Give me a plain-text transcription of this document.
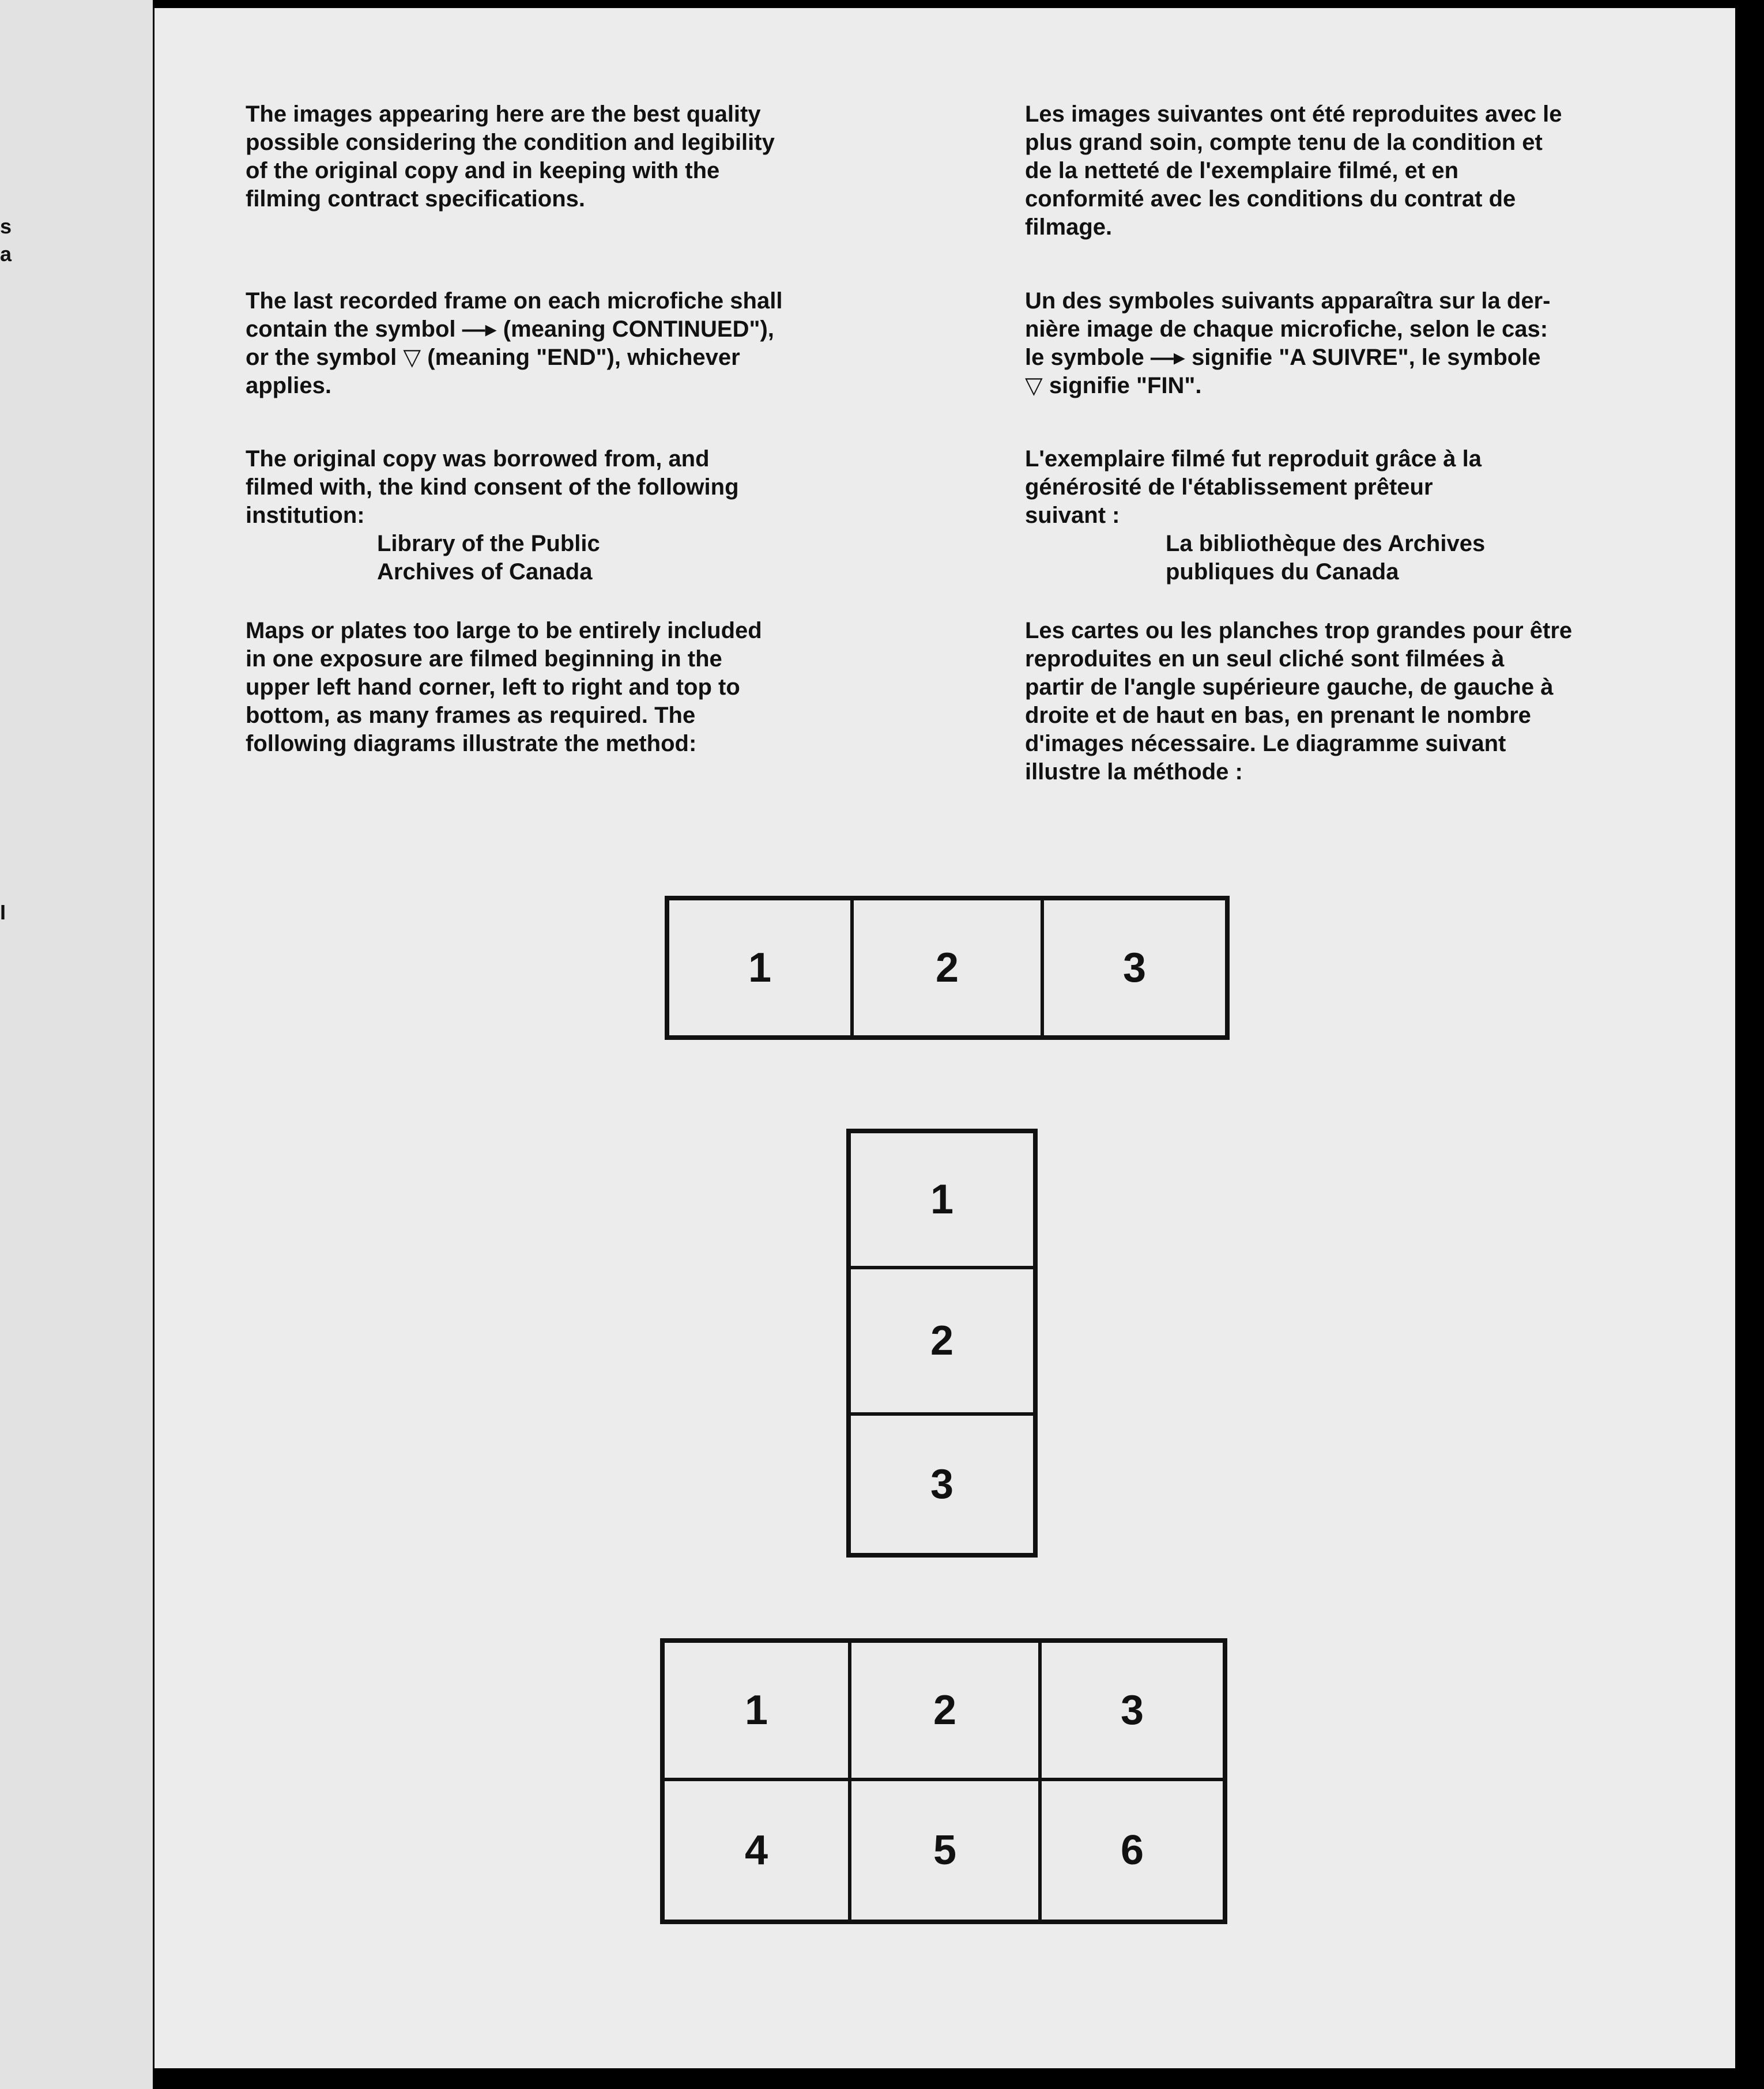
s
a
I

The images appearing here are the best quality
possible considering the condition and legibility
of the original copy and in keeping with the
filming contract specifications.

The last recorded frame on each microfiche shall
contain the symbol —▸ (meaning CONTINUED"),
or the symbol ▽ (meaning "END"), whichever
applies.

The original copy was borrowed from, and
filmed with, the kind consent of the following
institution:

Library of the Public
Archives of Canada

Maps or plates too large to be entirely included
in one exposure are filmed beginning in the
upper left hand corner, left to right and top to
bottom, as many frames as required. The
following diagrams illustrate the method:

Les images suivantes ont été reproduites avec le
plus grand soin, compte tenu de la condition et
de la netteté de l'exemplaire filmé, et en
conformité avec les conditions du contrat de
filmage.

Un des symboles suivants apparaîtra sur la der-
nière image de chaque microfiche, selon le cas:
le symbole —▸ signifie "A SUIVRE", le symbole
▽ signifie "FIN".

L'exemplaire filmé fut reproduit grâce à la
générosité de l'établissement prêteur
suivant :

La bibliothèque des Archives
publiques du Canada

Les cartes ou les planches trop grandes pour être
reproduites en un seul cliché sont filmées à
partir de l'angle supérieure gauche, de gauche à
droite et de haut en bas, en prenant le nombre
d'images nécessaire. Le diagramme suivant
illustre la méthode :

1	2	3
1
2
3
1	2	3
4	5	6
